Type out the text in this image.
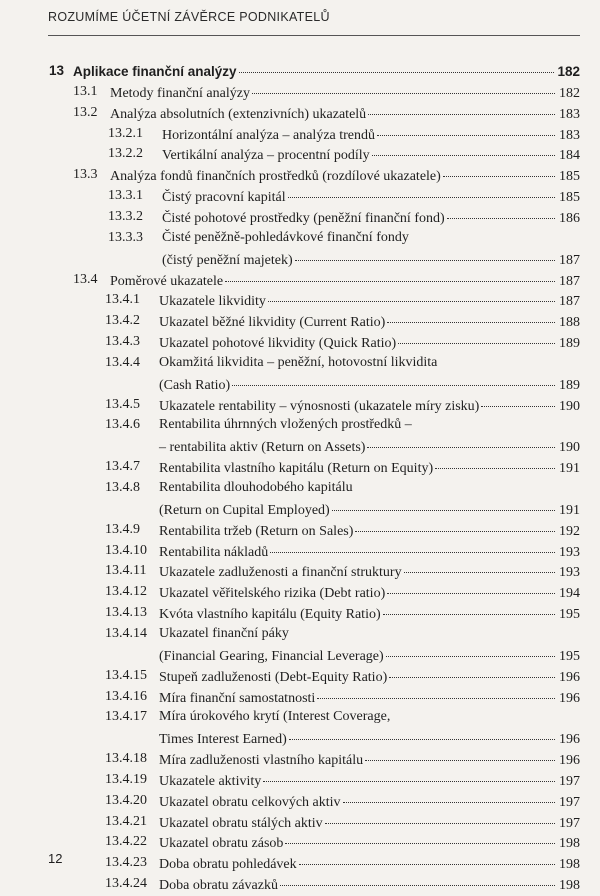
ROZUMÍME ÚČETNÍ ZÁVĚRCE PODNIKATELŮ
13 Aplikace finanční analýzy	182
13.1 Metody finanční analýzy	182
13.2 Analýza absolutních (extenzivních) ukazatelů	183
13.2.1 Horizontální analýza – analýza trendů	183
13.2.2 Vertikální analýza – procentní podíly	184
13.3 Analýza fondů finančních prostředků (rozdílové ukazatele)	185
13.3.1 Čistý pracovní kapitál	185
13.3.2 Čisté pohotové prostředky (peněžní finanční fond)	186
13.3.3 Čisté peněžně-pohledávkové finanční fondy
(čistý peněžní majetek)	187
13.4 Poměrové ukazatele	187
13.4.1 Ukazatele likvidity	187
13.4.2 Ukazatel běžné likvidity (Current Ratio)	188
13.4.3 Ukazatel pohotové likvidity (Quick Ratio)	189
13.4.4 Okamžitá likvidita – peněžní, hotovostní likvidita
(Cash Ratio)	189
13.4.5 Ukazatele rentability – výnosnosti (ukazatele míry zisku)	190
13.4.6 Rentabilita úhrnných vložených prostředků –
– rentabilita aktiv (Return on Assets)	190
13.4.7 Rentabilita vlastního kapitálu (Return on Equity)	191
13.4.8 Rentabilita dlouhodobého kapitálu
(Return on Cupital Employed)	191
13.4.9 Rentabilita tržeb (Return on Sales)	192
13.4.10 Rentabilita nákladů	193
13.4.11 Ukazatele zadluženosti a finanční struktury	193
13.4.12 Ukazatel věřitelského rizika (Debt ratio)	194
13.4.13 Kvóta vlastního kapitálu (Equity Ratio)	195
13.4.14 Ukazatel finanční páky
(Financial Gearing, Financial Leverage)	195
13.4.15 Stupeň zadluženosti (Debt-Equity Ratio)	196
13.4.16 Míra finanční samostatnosti	196
13.4.17 Míra úrokového krytí (Interest Coverage,
Times Interest Earned)	196
13.4.18 Míra zadluženosti vlastního kapitálu	196
13.4.19 Ukazatele aktivity	197
13.4.20 Ukazatel obratu celkových aktiv	197
13.4.21 Ukazatel obratu stálých aktiv	197
13.4.22 Ukazatel obratu zásob	198
13.4.23 Doba obratu pohledávek	198
13.4.24 Doba obratu závazků	198
12
